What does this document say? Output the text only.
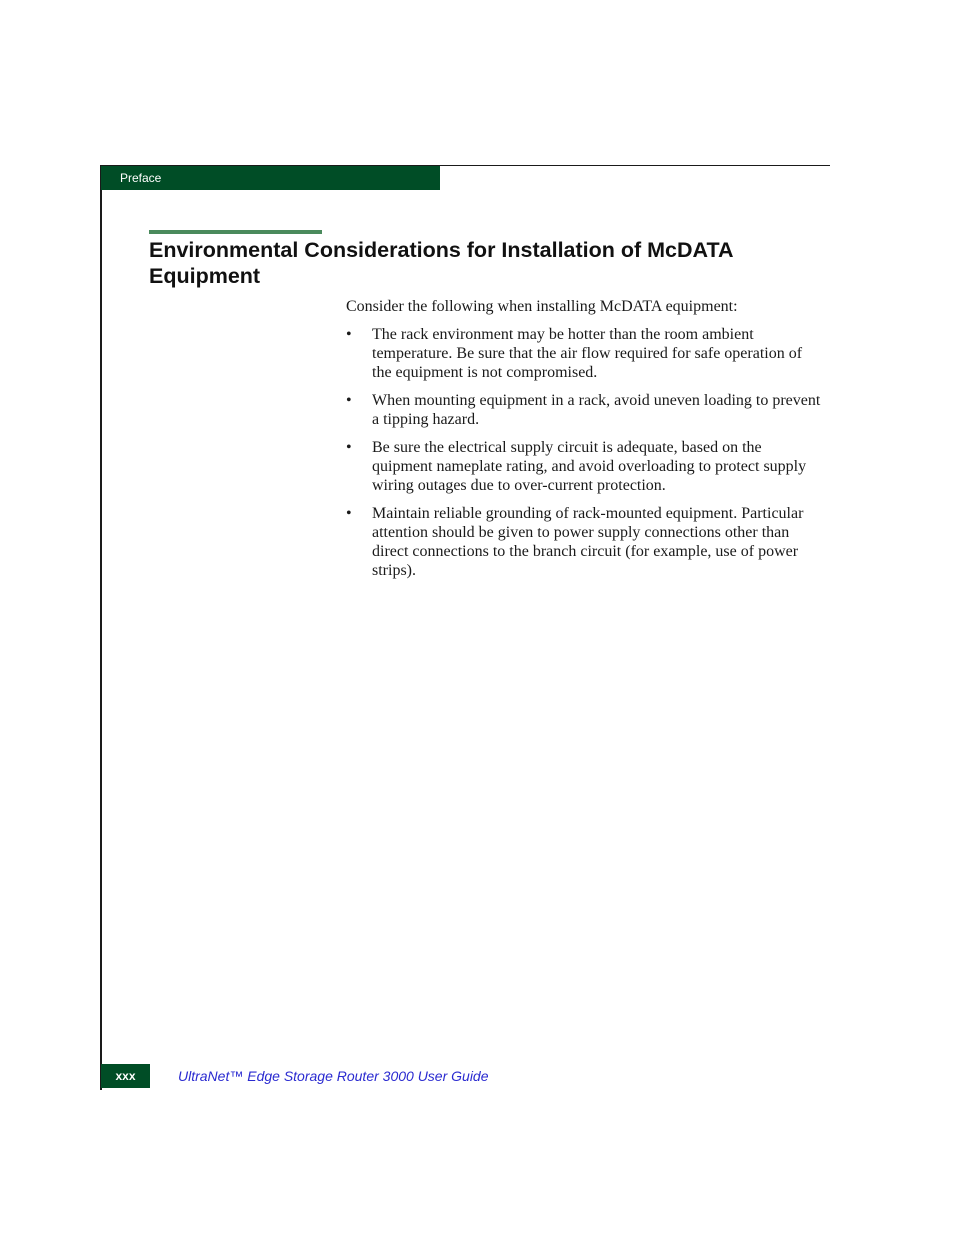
Preface
Environmental Considerations for Installation of McDATA Equipment

Consider the following when installing McDATA equipment:

• The rack environment may be hotter than the room ambient temperature. Be sure that the air flow required for safe operation of the equipment is not compromised.
• When mounting equipment in a rack, avoid uneven loading to prevent a tipping hazard.
• Be sure the electrical supply circuit is adequate, based on the quipment nameplate rating, and avoid overloading to protect supply wiring outages due to over-current protection.
• Maintain reliable grounding of rack-mounted equipment. Particular attention should be given to power supply connections other than direct connections to the branch circuit (for example, use of power strips).
xxx	UltraNet™ Edge Storage Router 3000 User Guide
